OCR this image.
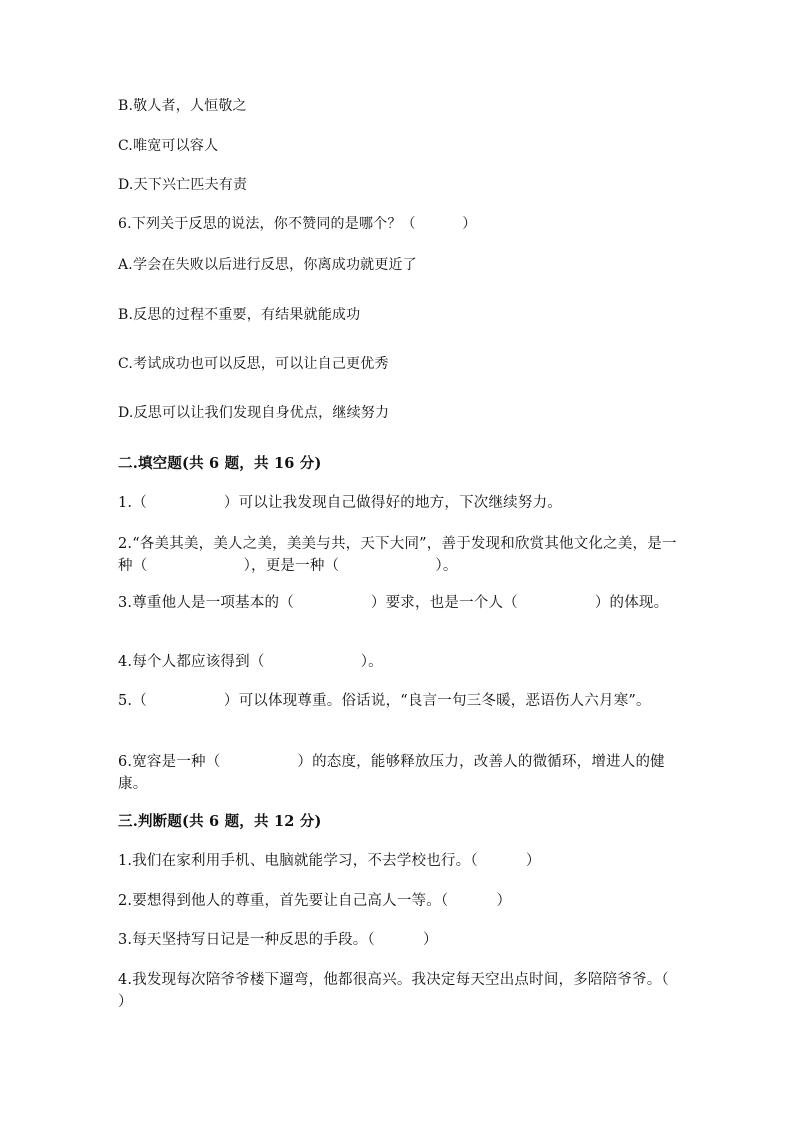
B.敬人者，人恒敬之
C.唯宽可以容人
D.天下兴亡匹夫有责
6.下列关于反思的说法，你不赞同的是哪个？（          ）
A.学会在失败以后进行反思，你离成功就更近了
B.反思的过程不重要，有结果就能成功
C.考试成功也可以反思，可以让自己更优秀
D.反思可以让我们发现自身优点，继续努力
二.填空题(共 6 题，共 16 分)
1.（                ）可以让我发现自己做得好的地方，下次继续努力。
2.“各美其美，美人之美，美美与共，天下大同”，善于发现和欣赏其他文化之美，是一种（                    ），更是一种（                    ）。
3.尊重他人是一项基本的（                ）要求，也是一个人（                ）的体现。
4.每个人都应该得到（                    ）。
5.（                ）可以体现尊重。俗话说，“良言一句三冬暖，恶语伤人六月寒”。
6.宽容是一种（                ）的态度，能够释放压力，改善人的微循环，增进人的健康。
三.判断题(共 6 题，共 12 分)
1.我们在家利用手机、电脑就能学习，不去学校也行。（          ）
2.要想得到他人的尊重，首先要让自己高人一等。（          ）
3.每天坚持写日记是一种反思的手段。（          ）
4.我发现每次陪爷爷楼下遛弯，他都很高兴。我决定每天空出点时间，多陪陪爷爷。（          ）
